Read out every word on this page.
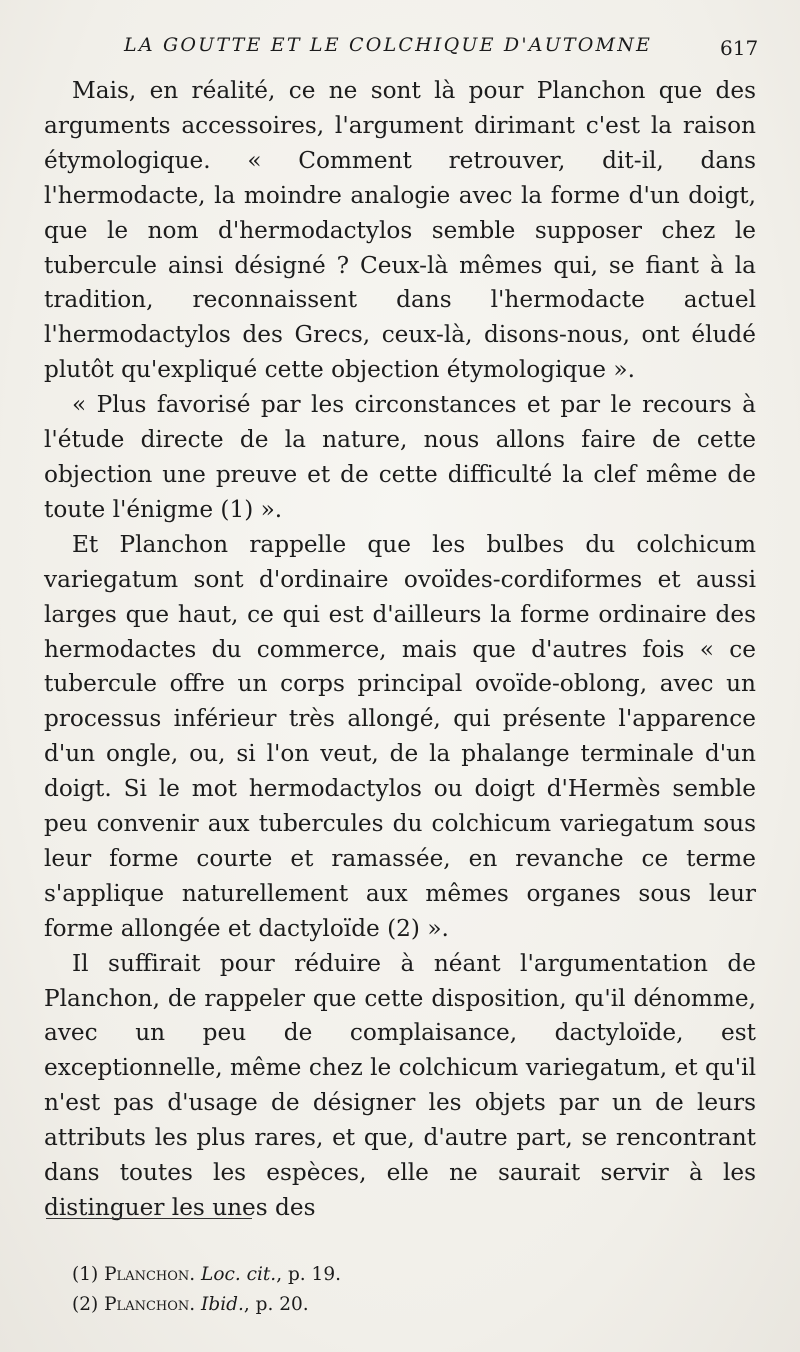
LA GOUTTE ET LE COLCHIQUE D'AUTOMNE	617

Mais, en réalité, ce ne sont là pour Planchon que des arguments accessoires, l'argument dirimant c'est la raison étymologique. « Comment retrouver, dit-il, dans l'hermodacte, la moindre analogie avec la forme d'un doigt, que le nom d'hermodactylos semble supposer chez le tubercule ainsi désigné ? Ceux-là mêmes qui, se fiant à la tradition, reconnaissent dans l'hermodacte actuel l'hermodactylos des Grecs, ceux-là, disons-nous, ont éludé plutôt qu'expliqué cette objection étymologique ».

« Plus favorisé par les circonstances et par le recours à l'étude directe de la nature, nous allons faire de cette objection une preuve et de cette difficulté la clef même de toute l'énigme (1) ».

Et Planchon rappelle que les bulbes du colchicum variegatum sont d'ordinaire ovoïdes-cordiformes et aussi larges que haut, ce qui est d'ailleurs la forme ordinaire des hermodactes du commerce, mais que d'autres fois « ce tubercule offre un corps principal ovoïde-oblong, avec un processus inférieur très allongé, qui présente l'apparence d'un ongle, ou, si l'on veut, de la phalange terminale d'un doigt. Si le mot hermodactylos ou doigt d'Hermès semble peu convenir aux tubercules du colchicum variegatum sous leur forme courte et ramassée, en revanche ce terme s'applique naturellement aux mêmes organes sous leur forme allongée et dactyloïde (2) ».

Il suffirait pour réduire à néant l'argumentation de Planchon, de rappeler que cette disposition, qu'il dénomme, avec un peu de complaisance, dactyloïde, est exceptionnelle, même chez le colchicum variegatum, et qu'il n'est pas d'usage de désigner les objets par un de leurs attributs les plus rares, et que, d'autre part, se rencontrant dans toutes les espèces, elle ne saurait servir à les distinguer les unes des

(1) Planchon. Loc. cit., p. 19.
(2) Planchon. Ibid., p. 20.
